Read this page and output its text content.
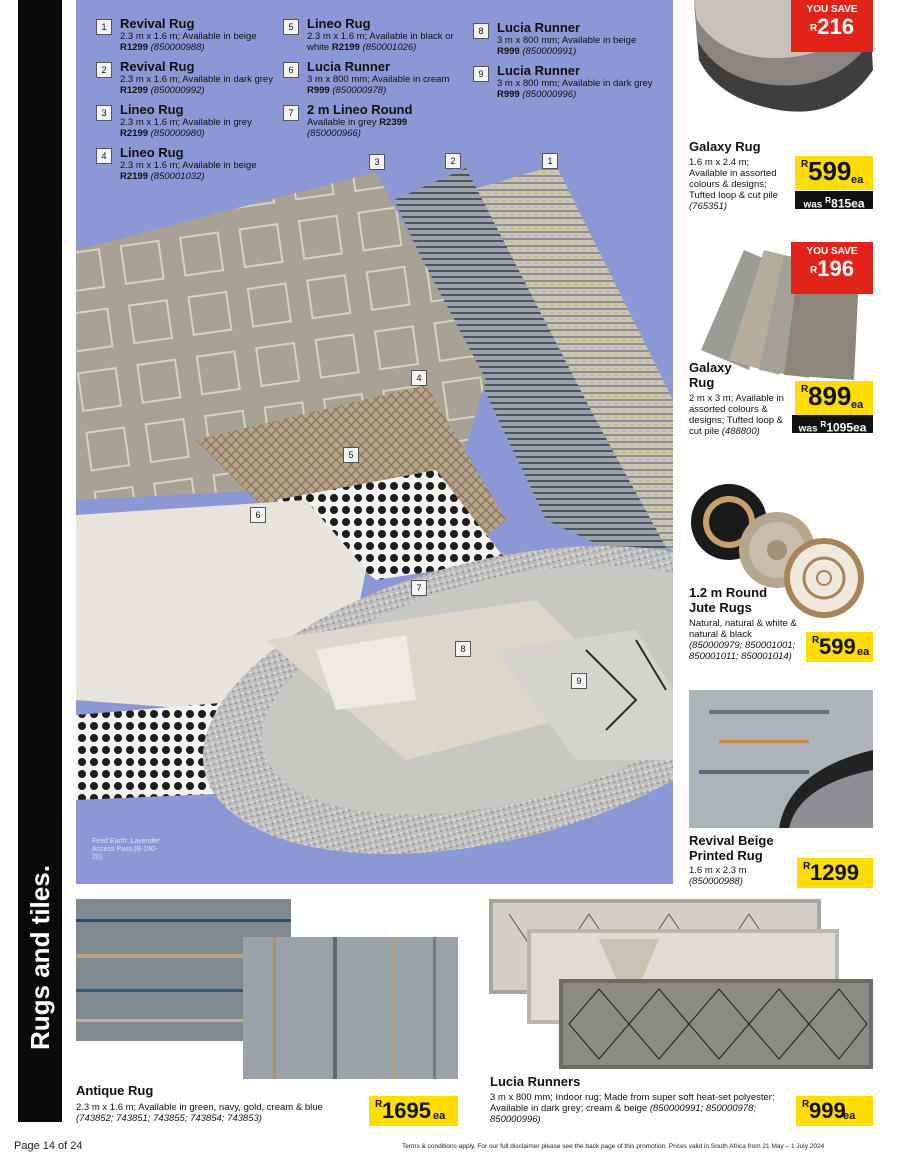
Rugs and tiles.
1	Revival Rug
2.3 m x 1.6 m; Available in beige
R1299 (850000988)
2	Revival Rug
2.3 m x 1.6 m; Available in dark grey
R1299 (850000992)
3	Lineo Rug
2.3 m x 1.6 m; Available in grey
R2199 (850000980)
4	Lineo Rug
2.3 m x 1.6 m; Available in beige
R2199 (850001032)
5	Lineo Rug
2.3 m x 1.6 m; Available in black or white R2199 (850001026)
6	Lucia Runner
3 m x 800 mm; Available in cream
R999 (850000978)
7	2 m Lineo Round
Available in grey R2399 (850000966)
8	Lucia Runner
3 m x 800 mm; Available in beige
R999 (850000991)
9	Lucia Runner
3 m x 800 mm; Available in dark grey
R999 (850000996)
1
2
3
4
5
6
7
8
9
Fired Earth: Lavender Access Pass (B-190-20)
YOU SAVE
$^R$216
Galaxy Rug
1.6 m x 2.4 m; Available in assorted colours & designs; Tufted loop & cut pile (765351)
R 599 ea
was $^R$815ea
YOU SAVE
$^R$196
Galaxy
Rug
2 m x 3 m; Available in assorted colours & designs; Tufted loop & cut pile (488800)
R 899 ea
was $^R$1095ea
1.2 m Round
Jute Rugs
Natural, natural & white & natural & black (850000979; 850001001; 850001011; 850001014)
R 599 ea
Revival Beige
Printed Rug
1.6 m x 2.3 m
(850000988)
R 1299
Antique Rug
2.3 m x 1.6 m; Available in green, navy, gold, cream & blue
(743852; 743851; 743855; 743854; 743853)
R 1695 ea
Lucia Runners
3 m x 800 mm; Indoor rug; Made from super soft heat-set polyester; Available in dark grey; cream & beige (850000991; 850000978; 850000996)
R 999
ea
Page 14 of 24	Terms & conditions apply. For our full disclaimer please see the back page of this promotion. Prices valid in South Africa from 21 May – 1 July 2024
